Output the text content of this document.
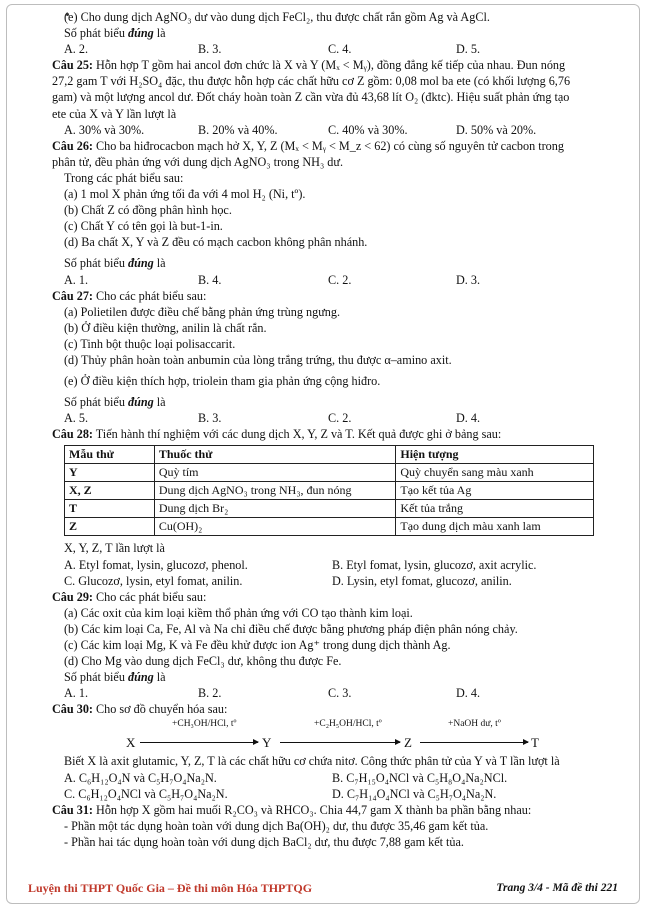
(e) Cho dung dịch AgNO₃ dư vào dung dịch FeCl₂, thu được chất rắn gồm Ag và AgCl.
Số phát biểu đúng là
A. 2.	B. 3.	C. 4.	D. 5.
Câu 25: Hỗn hợp T gồm hai ancol đơn chức là X và Y (Mₓ < Mᵧ), đồng đẳng kế tiếp của nhau. Đun nóng
27,2 gam T với H₂SO₄ đặc, thu được hỗn hợp các chất hữu cơ Z gồm: 0,08 mol ba ete (có khối lượng 6,76
gam) và một lượng ancol dư. Đốt cháy hoàn toàn Z cần vừa đủ 43,68 lít O₂ (đktc). Hiệu suất phản ứng tạo
ete của X và Y lần lượt là
A. 30% và 30%.	B. 20% và 40%.	C. 40% và 30%.	D. 50% và 20%.
Câu 26: Cho ba hiđrocacbon mạch hở X, Y, Z (Mₓ < Mᵧ < M_z < 62) có cùng số nguyên tử cacbon trong
phân tử, đều phản ứng với dung dịch AgNO₃ trong NH₃ dư.
Trong các phát biểu sau:
(a) 1 mol X phản ứng tối đa với 4 mol H₂ (Ni, tº).
(b) Chất Z có đồng phân hình học.
(c) Chất Y có tên gọi là but-1-in.
(d) Ba chất X, Y và Z đều có mạch cacbon không phân nhánh.
Số phát biểu đúng là
A. 1.	B. 4.	C. 2.	D. 3.
Câu 27: Cho các phát biểu sau:
(a) Polietilen được điều chế bằng phản ứng trùng ngưng.
(b) Ở điều kiện thường, anilin là chất rắn.
(c) Tinh bột thuộc loại polisaccarit.
(d) Thủy phân hoàn toàn anbumin của lòng trắng trứng, thu được α–amino axit.
(e) Ở điều kiện thích hợp, triolein tham gia phản ứng cộng hiđro.
Số phát biểu đúng là
A. 5.	B. 3.	C. 2.	D. 4.
Câu 28: Tiến hành thí nghiệm với các dung dịch X, Y, Z và T. Kết quả được ghi ở bảng sau:
Mẫu thử	Thuốc thử	Hiện tượng
Y	Quỳ tím	Quỳ chuyển sang màu xanh
X, Z	Dung dịch AgNO₃ trong NH₃, đun nóng	Tạo kết tủa Ag
T	Dung dịch Br₂	Kết tủa trắng
Z	Cu(OH)₂	Tạo dung dịch màu xanh lam
X, Y, Z, T lần lượt là
A. Etyl fomat, lysin, glucozơ, phenol.	B. Etyl fomat, lysin, glucozơ, axit acrylic.
C. Glucozơ, lysin, etyl fomat, anilin.	D. Lysin, etyl fomat, glucozơ, anilin.
Câu 29: Cho các phát biểu sau:
(a) Các oxit của kim loại kiềm thổ phản ứng với CO tạo thành kim loại.
(b) Các kim loại Ca, Fe, Al và Na chỉ điều chế được bằng phương pháp điện phân nóng chảy.
(c) Các kim loại Mg, K và Fe đều khử được ion Ag⁺ trong dung dịch thành Ag.
(d) Cho Mg vào dung dịch FeCl₃ dư, không thu được Fe.
Số phát biểu đúng là
A. 1.	B. 2.	C. 3.	D. 4.
Câu 30: Cho sơ đồ chuyển hóa sau:
X
+CH₃OH/HCl, tº
Y
+C₂H₅OH/HCl, tº
Z
+NaOH dư, tº
T
Biết X là axit glutamic, Y, Z, T là các chất hữu cơ chứa nitơ. Công thức phân tử của Y và T lần lượt là
A. C₆H₁₂O₄N và C₅H₇O₄Na₂N.	B. C₇H₁₅O₄NCl và C₅H₈O₄Na₂NCl.
C. C₆H₁₂O₄NCl và C₅H₇O₄Na₂N.	D. C₇H₁₄O₄NCl và C₅H₇O₄Na₂N.
Câu 31: Hỗn hợp X gồm hai muối R₂CO₃ và RHCO₃. Chia 44,7 gam X thành ba phần bằng nhau:
- Phần một tác dụng hoàn toàn với dung dịch Ba(OH)₂ dư, thu được 35,46 gam kết tủa.
- Phần hai tác dụng hoàn toàn với dung dịch BaCl₂ dư, thu được 7,88 gam kết tủa.
Luyện thi THPT Quốc Gia – Đề thi môn Hóa THPTQG	Trang 3/4 - Mã đề thi 221
